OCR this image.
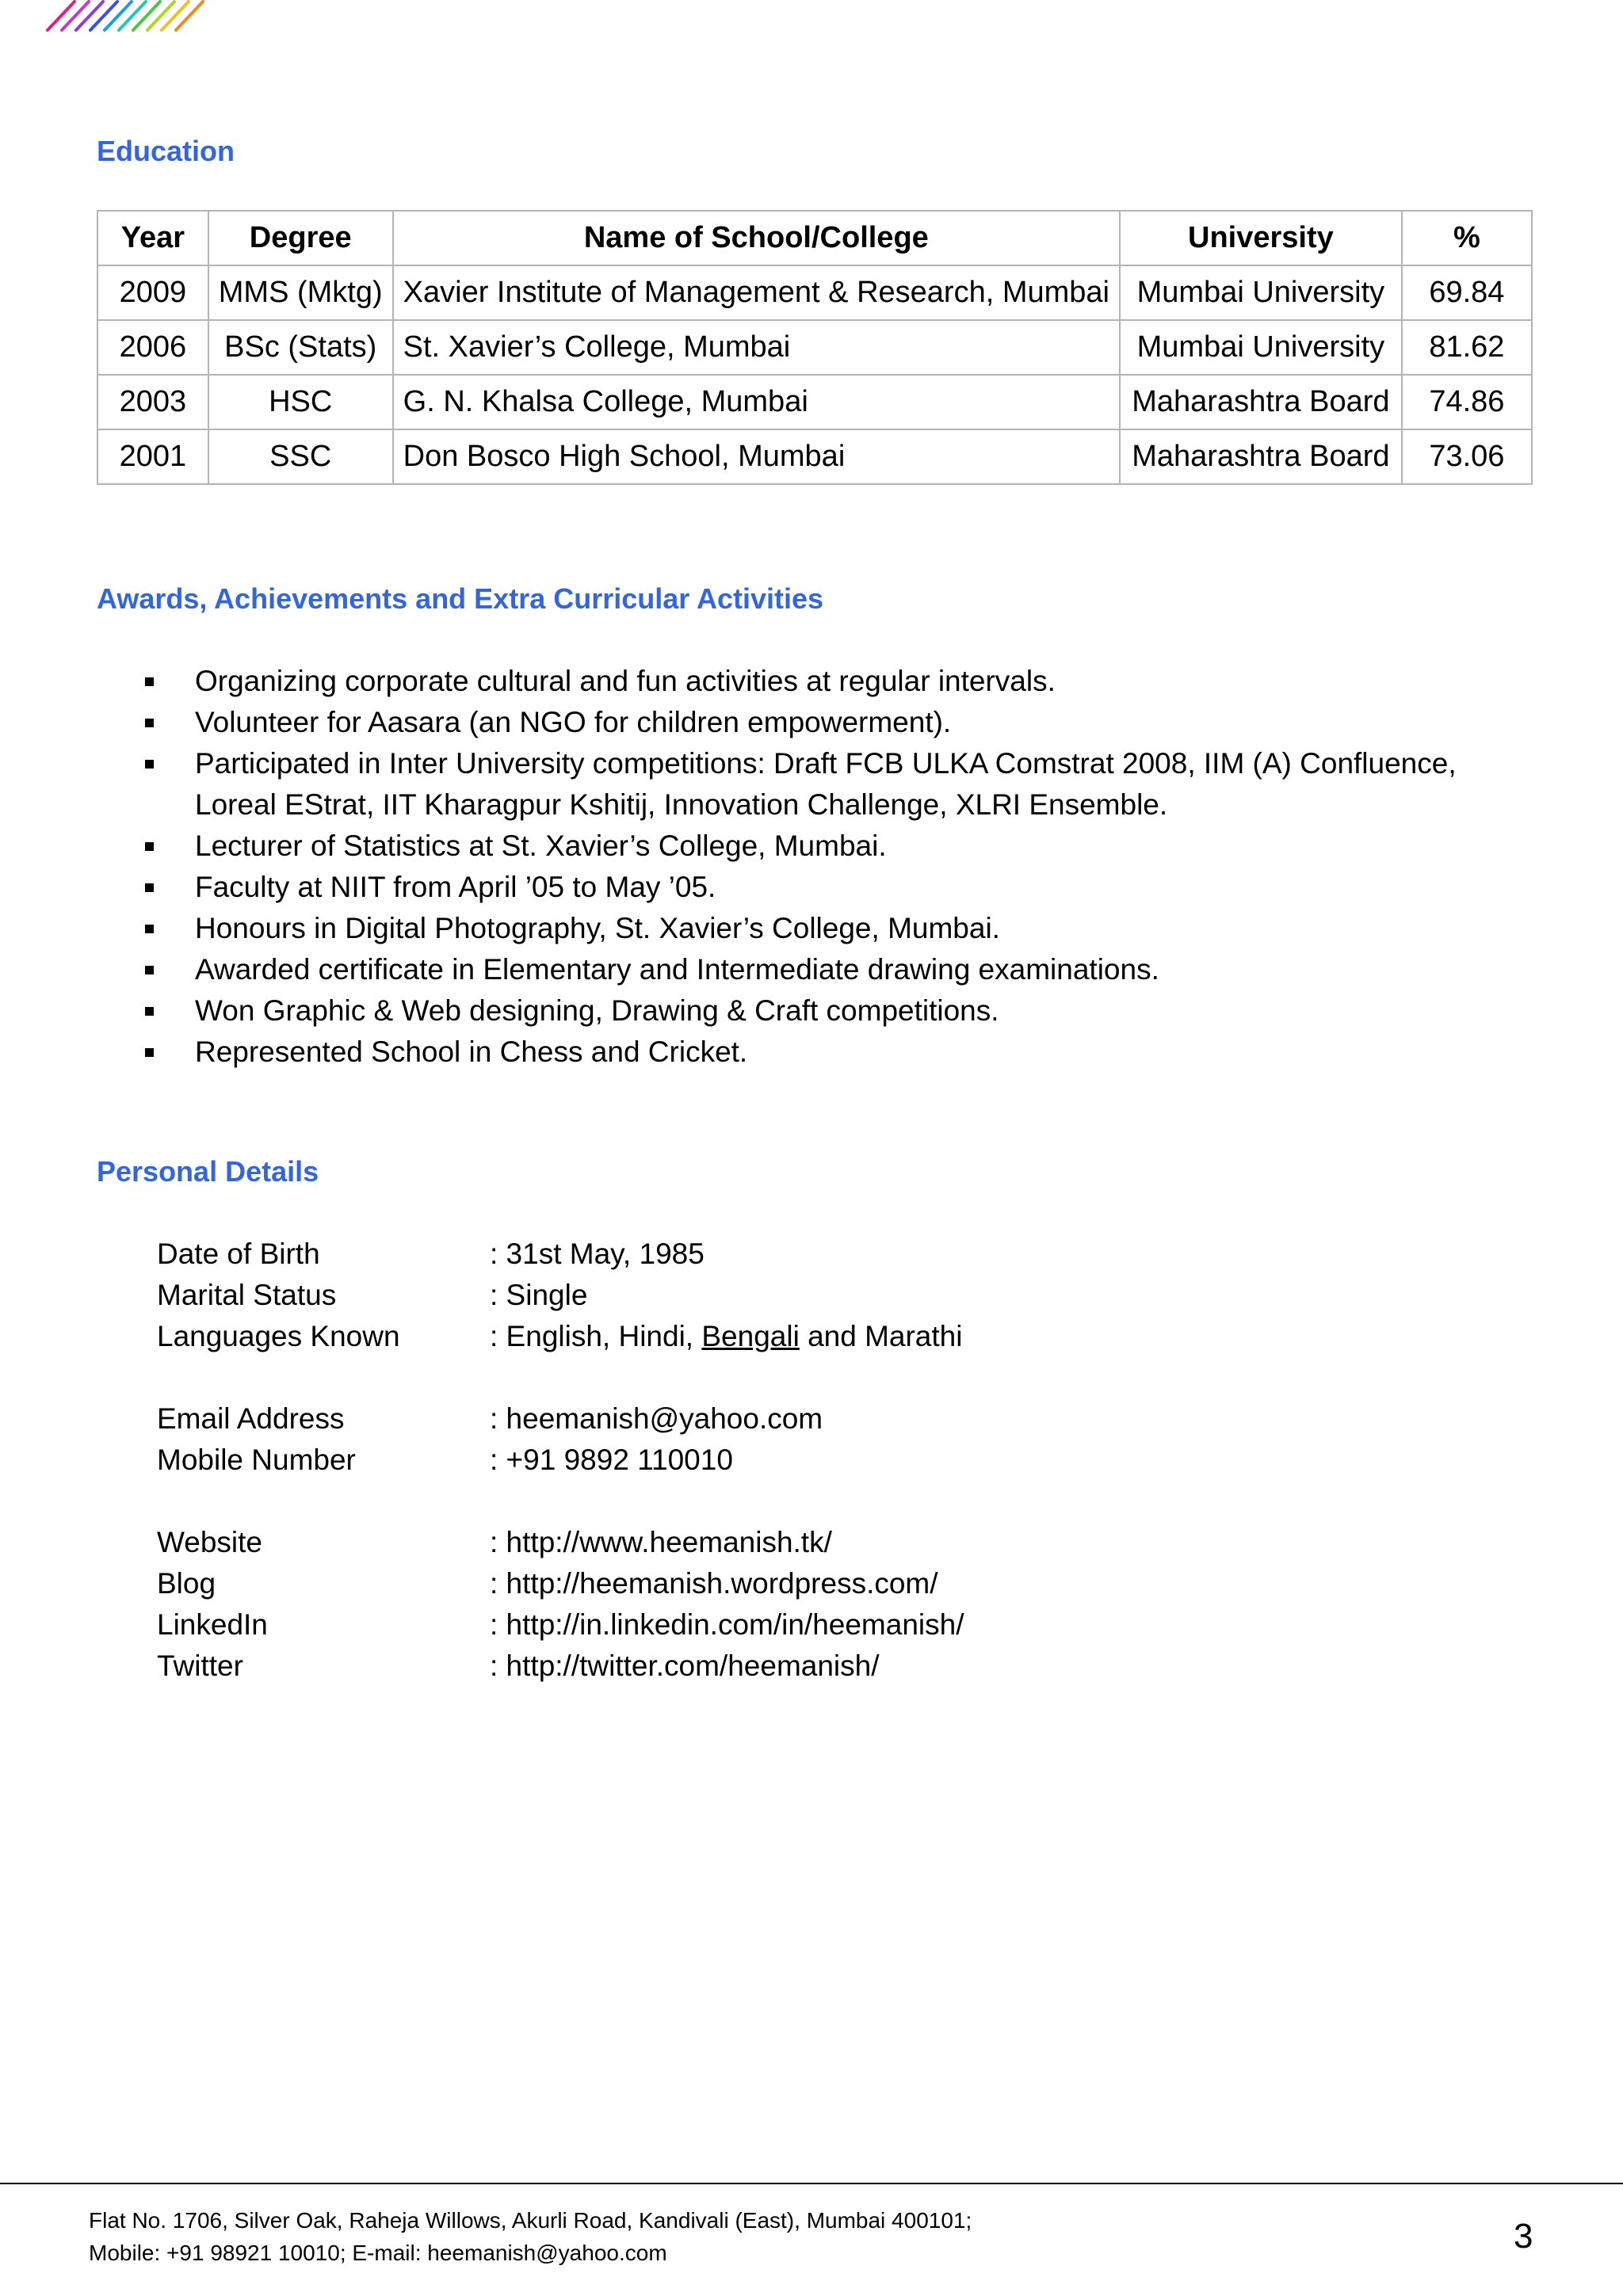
Education
Year	Degree	Name of School/College	University	%
2009	MMS (Mktg)	Xavier Institute of Management & Research, Mumbai	Mumbai University	69.84
2006	BSc (Stats)	St. Xavier’s College, Mumbai	Mumbai University	81.62
2003	HSC	G. N. Khalsa College, Mumbai	Maharashtra Board	74.86
2001	SSC	Don Bosco High School, Mumbai	Maharashtra Board	73.06
Awards, Achievements and Extra Curricular Activities
Organizing corporate cultural and fun activities at regular intervals.
Volunteer for Aasara (an NGO for children empowerment).
Participated in Inter University competitions: Draft FCB ULKA Comstrat 2008, IIM (A) Confluence, Loreal EStrat, IIT Kharagpur Kshitij, Innovation Challenge, XLRI Ensemble.
Lecturer of Statistics at St. Xavier’s College, Mumbai.
Faculty at NIIT from April ’05 to May ’05.
Honours in Digital Photography, St. Xavier’s College, Mumbai.
Awarded certificate in Elementary and Intermediate drawing examinations.
Won Graphic & Web designing, Drawing & Craft competitions.
Represented School in Chess and Cricket.
Personal Details
Date of Birth	: 31st May, 1985
Marital Status	: Single
Languages Known	: English, Hindi, Bengali and Marathi
Email Address	: heemanish@yahoo.com
Mobile Number	: +91 9892 110010
Website	: http://www.heemanish.tk/
Blog	: http://heemanish.wordpress.com/
LinkedIn	: http://in.linkedin.com/in/heemanish/
Twitter	: http://twitter.com/heemanish/
Flat No. 1706, Silver Oak, Raheja Willows, Akurli Road, Kandivali (East), Mumbai 400101;
Mobile: +91 98921 10010; E-mail: heemanish@yahoo.com	3
